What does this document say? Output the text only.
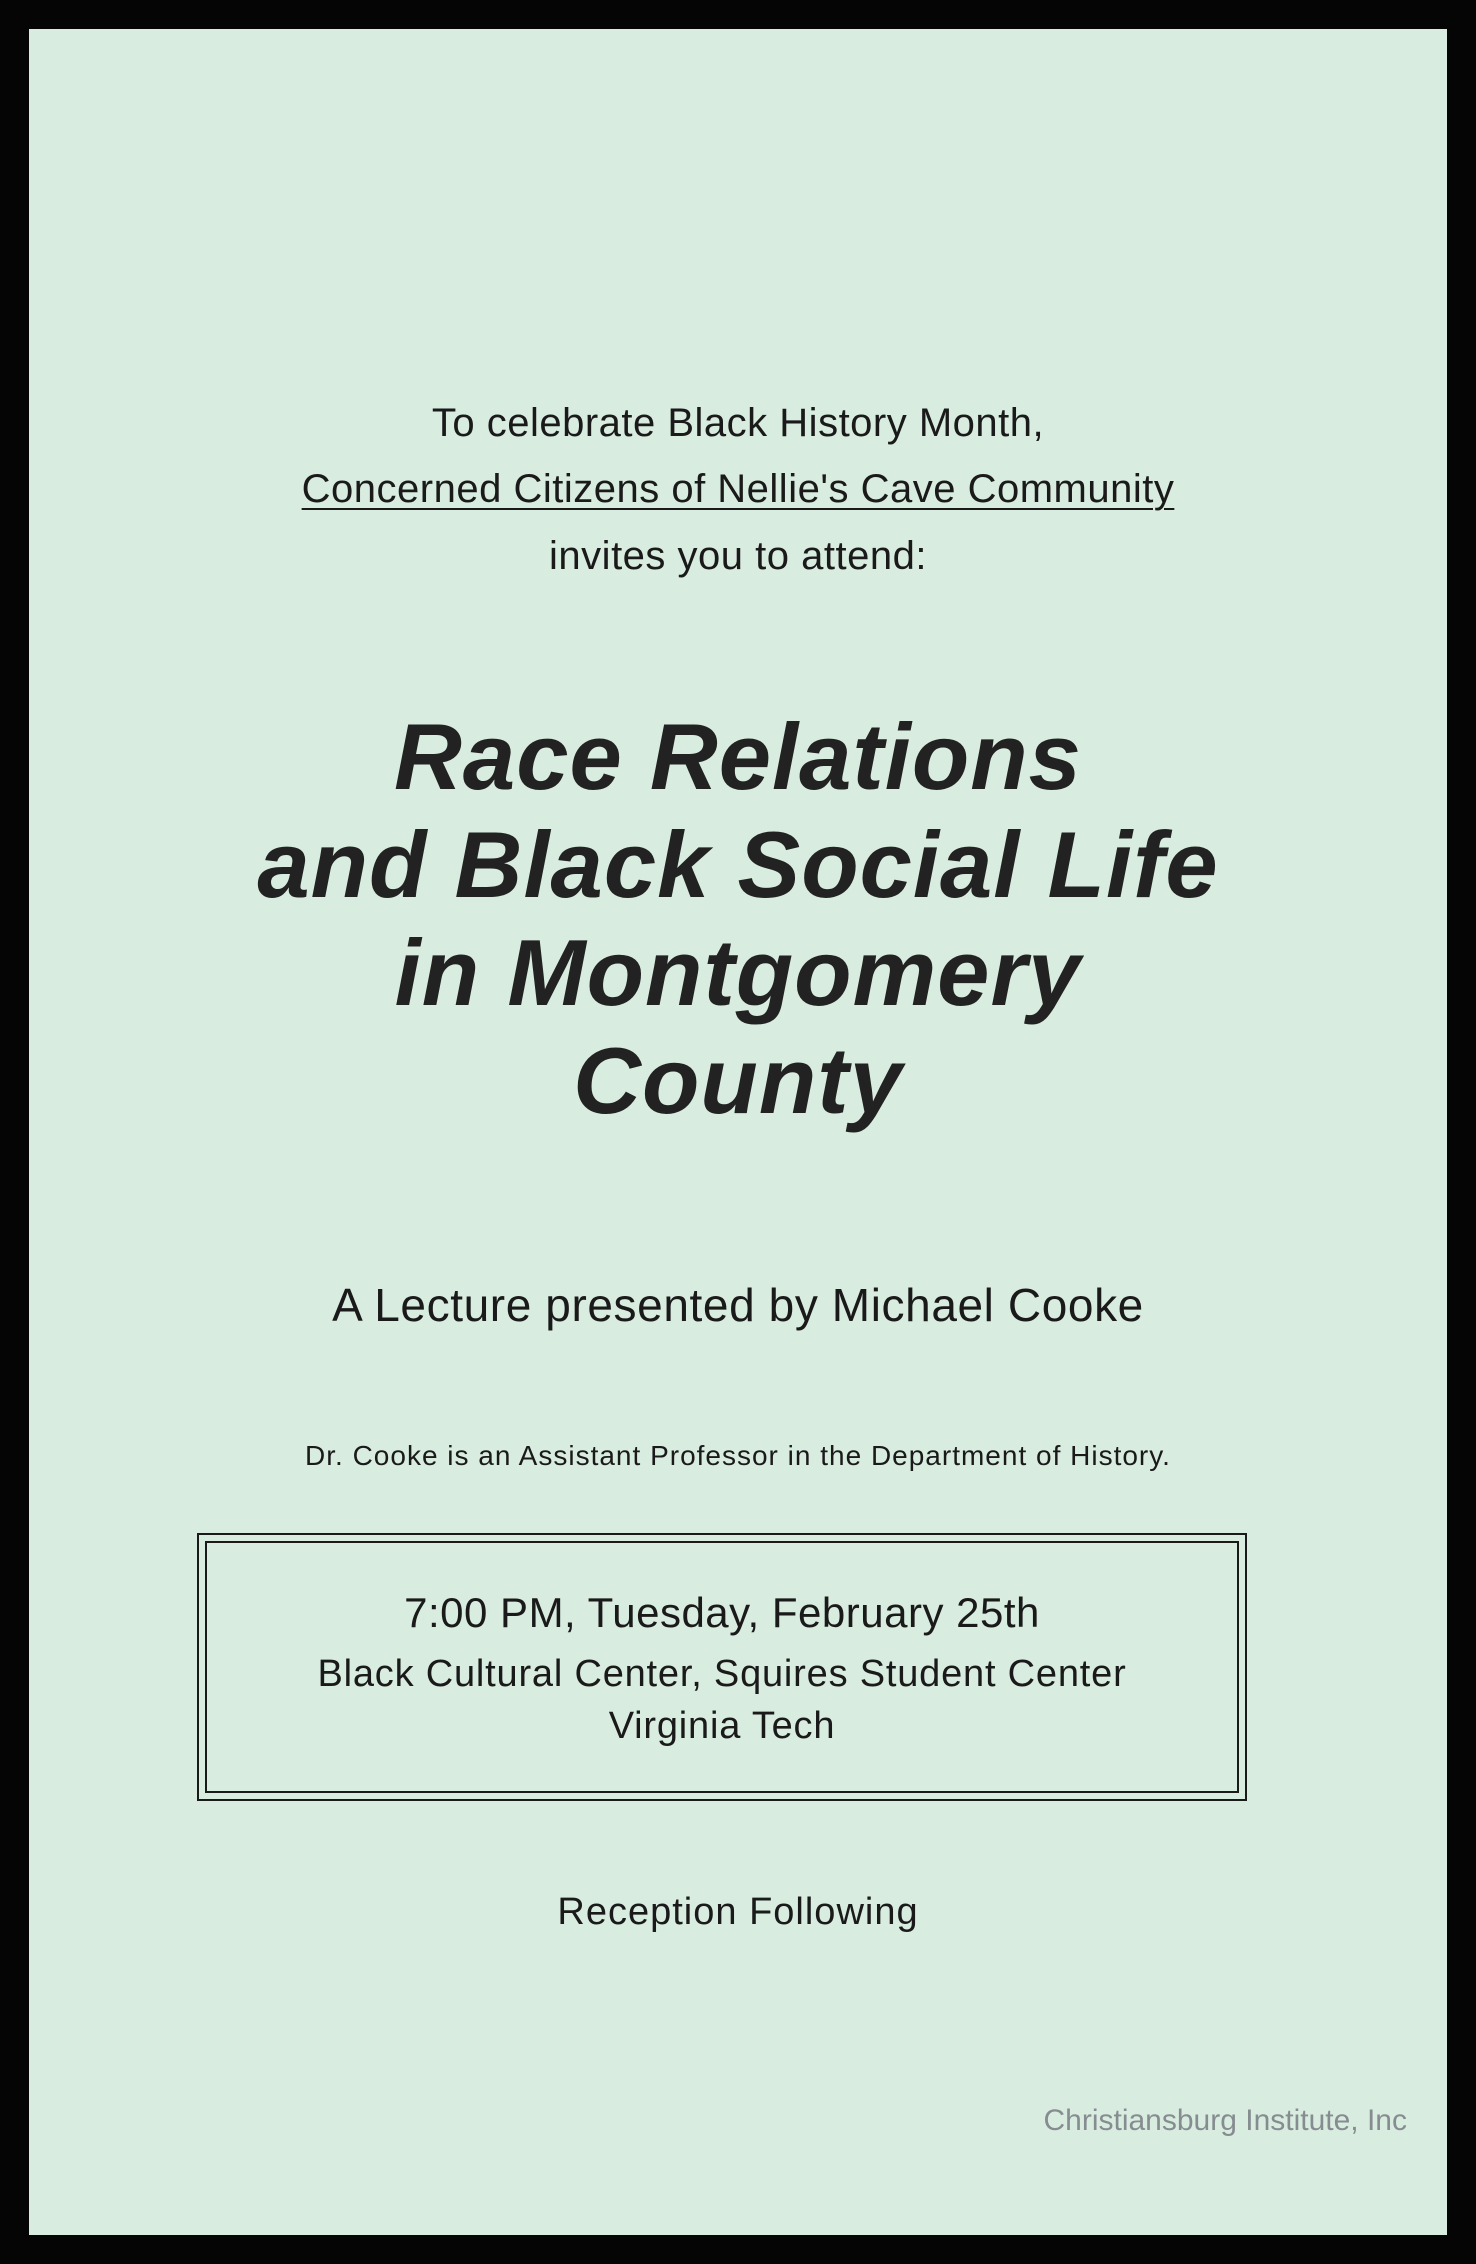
To celebrate Black History Month,
Concerned Citizens of Nellie's Cave Community
invites you to attend:
Race Relations
and Black Social Life
in Montgomery
County
A Lecture presented by Michael Cooke
Dr. Cooke is an Assistant Professor in the Department of History.
7:00 PM, Tuesday, February 25th
Black Cultural Center, Squires Student Center
Virginia Tech
Reception Following
Christiansburg Institute, Inc
